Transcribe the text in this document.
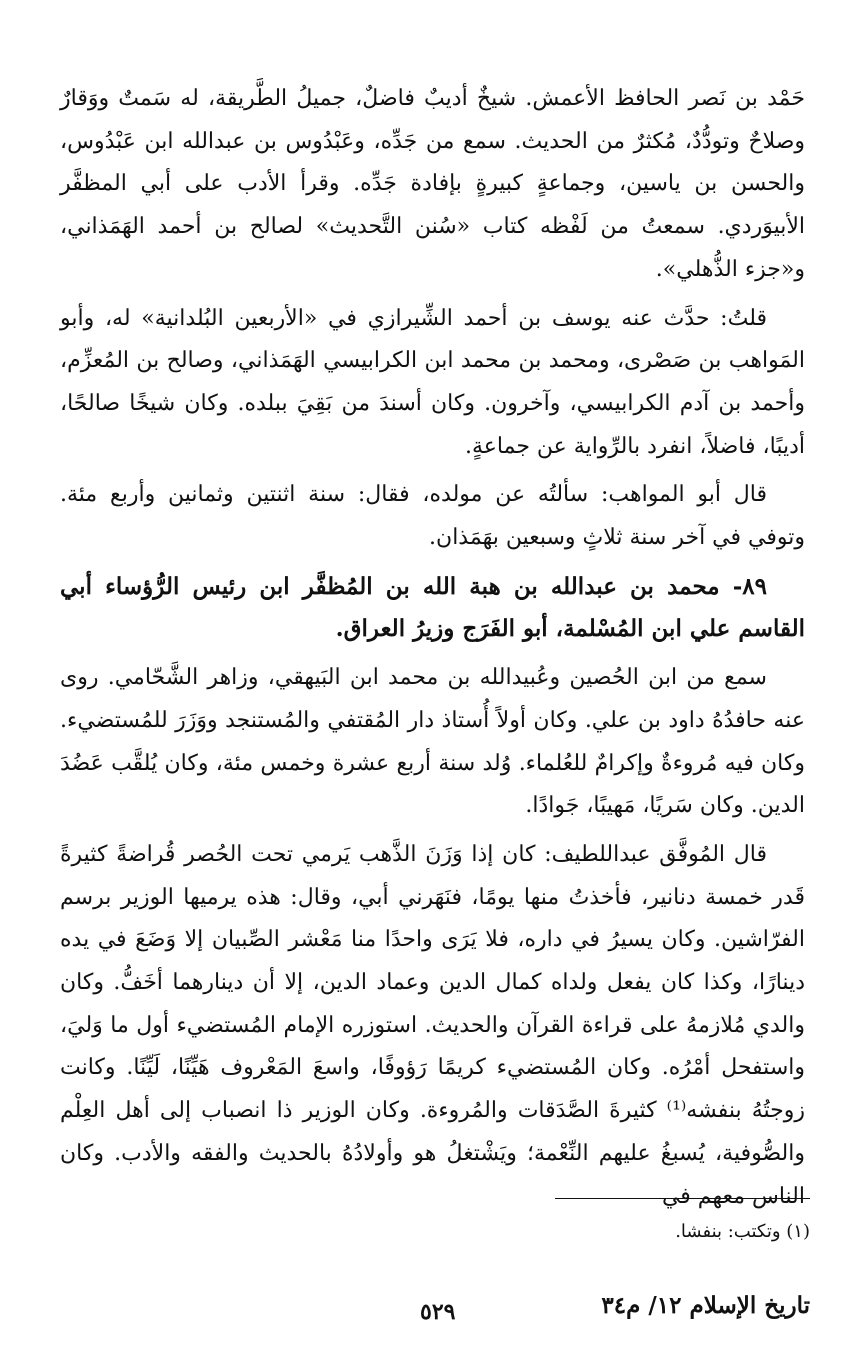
حَمْد بن نَصر الحافظ الأعمش. شيخٌ أديبٌ فاضلٌ، جميلُ الطَّريقة، له سَمتٌ ووَقارٌ وصلاحٌ وتودُّدٌ، مُكثرٌ من الحديث. سمع من جَدِّه، وعَبْدُوس بن عبدالله ابن عَبْدُوس، والحسن بن ياسين، وجماعةٍ كبيرةٍ بإفادة جَدِّه. وقرأ الأدب على أبي المظفَّر الأبيوَردي. سمعتُ من لَفْظه كتاب «سُنن التَّحديث» لصالح بن أحمد الهَمَذاني، و«جزء الذُّهلي».

قلتُ: حدَّث عنه يوسف بن أحمد الشِّيرازي في «الأربعين البُلدانية» له، وأبو المَواهب بن صَصْرى، ومحمد بن محمد ابن الكرابيسي الهَمَذاني، وصالح بن المُعزِّم، وأحمد بن آدم الكرابيسي، وآخرون. وكان أسندَ من بَقِيَ ببلده. وكان شيخًا صالحًا، أديبًا، فاضلاً، انفرد بالرِّواية عن جماعةٍ.

قال أبو المواهب: سألتُه عن مولده، فقال: سنة اثنتين وثمانين وأربع مئة. وتوفي في آخر سنة ثلاثٍ وسبعين بهَمَذان.

٨٩- محمد بن عبدالله بن هبة الله بن المُظفَّر ابن رئيس الرُّؤساء أبي القاسم علي ابن المُسْلمة، أبو الفَرَج وزيرُ العراق.

سمع من ابن الحُصين وعُبيدالله بن محمد ابن البَيهقي، وزاهر الشَّحّامي. روى عنه حافدُهُ داود بن علي. وكان أولاً أُستاذ دار المُقتفي والمُستنجد ووَزَرَ للمُستضيء. وكان فيه مُروءةٌ وإكرامٌ للعُلماء. وُلد سنة أربع عشرة وخمس مئة، وكان يُلقَّب عَضُدَ الدين. وكان سَريًا، مَهيبًا، جَوادًا.

قال المُوفَّق عبداللطيف: كان إذا وَزَنَ الذَّهب يَرمي تحت الحُصر قُراضةً كثيرةً قَدر خمسة دنانير، فأخذتُ منها يومًا، فنَهَرني أبي، وقال: هذه يرميها الوزير برسم الفرّاشين. وكان يسيرُ في داره، فلا يَرَى واحدًا منا مَعْشر الصِّبيان إلا وَضَعَ في يده دينارًا، وكذا كان يفعل ولداه كمال الدين وعماد الدين، إلا أن دينارهما أخَفُّ. وكان والدي مُلازمهُ على قراءة القرآن والحديث. استوزره الإمام المُستضيء أول ما وَليَ، واستفحل أمْرُه. وكان المُستضيء كريمًا رَؤوفًا، واسعَ المَعْروف هَيِّنًا، لَيِّنًا. وكانت زوجتُهُ بنفشه⁽¹⁾ كثيرةَ الصَّدَقات والمُروءة. وكان الوزير ذا انصباب إلى أهل العِلْم والصُّوفية، يُسبغُ عليهم النِّعْمة؛ ويَشْتغلُ هو وأولادُهُ بالحديث والفقه والأدب. وكان الناس معهم في

(١) وتكتب: بنفشا.
تاريخ الإسلام ١٢/ م٣٤
٥٢٩
